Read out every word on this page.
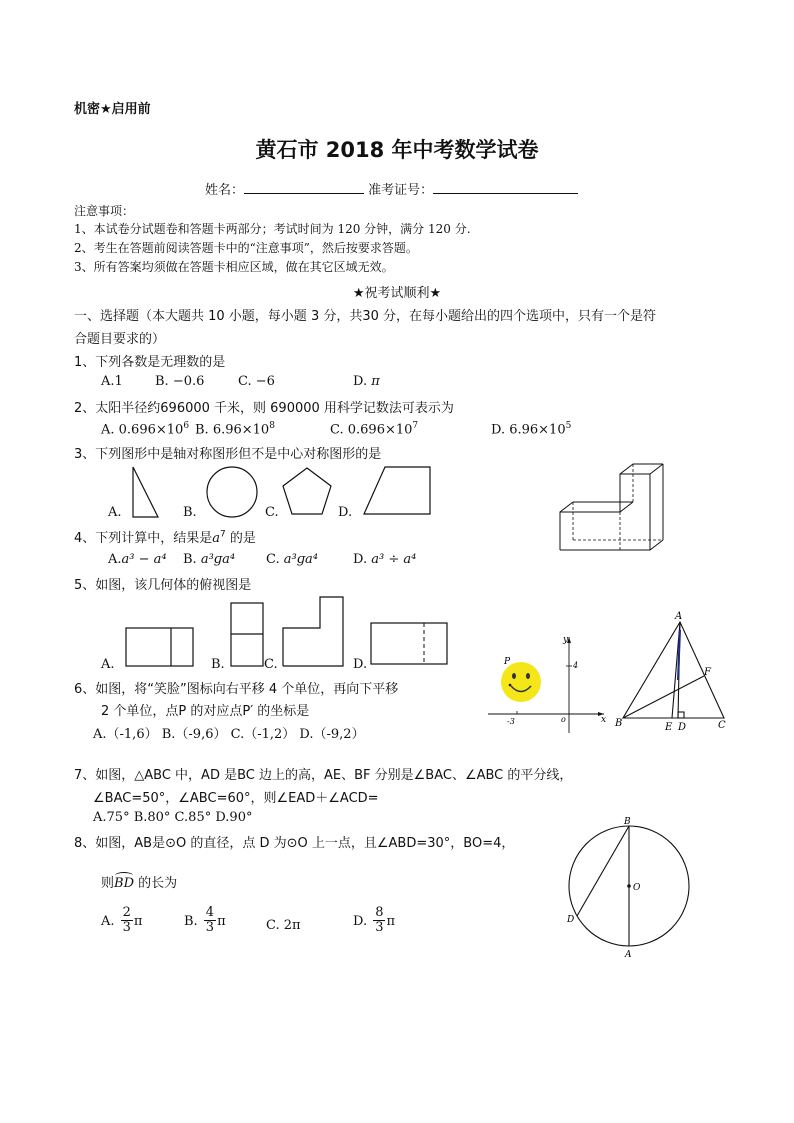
机密★启用前
黄石市 2018 年中考数学试卷
姓名：	准考证号：
注意事项：
1、本试卷分试题卷和答题卡两部分；考试时间为 120 分钟，满分 120 分.
2、考生在答题前阅读答题卡中的“注意事项”，然后按要求答题。
3、所有答案均须做在答题卡相应区域，做在其它区域无效。
★祝考试顺利★
一、选择题（本大题共 10 小题，每小题 3 分，共30 分，在每小题给出的四个选项中，只有一个是符
合题目要求的）
1、下列各数是无理数的是
A.1 B. −0.6	C. −6	D. π
2、太阳半径约696000 千米，则 690000 用科学记数法可表示为
A. $0.696\times 10^6$ B. $6.96\times 10^8$	C. $0.696\times 10^7$	D. $6.96\times 10^5$
3、下列图形中是轴对称图形但不是中心对称图形的是
A.	B.	C.	D.
4、下列计算中，结果是$a^7$ 的是
A.a³ − a⁴ B. a³ɡa⁴ C. a³ɡa⁴	D. a³ ÷ a⁴
5、如图，该几何体的俯视图是
A.	B.	C.	D.
6、如图，将“笑脸”图标向右平移 4 个单位，再向下平移
2 个单位，点P 的对应点P′ 的坐标是
A.（-1,6） B.（-9,6） C.（-1,2） D.（-9,2）
P
y
x
4
-3	o
A
B	C
D
E
F
7、如图，△ABC 中，AD 是BC 边上的高，AE、BF 分别是∠BAC、∠ABC 的平分线，
∠BAC=50°，∠ABC=60°，则∠EAD＋∠ACD=
A.75° B.80° C.85° D.90°
8、如图，AB是⊙O 的直径，点 D 为⊙O 上一点，且∠ABD=30°，BO=4，
则BD 的长为
A. $\frac{2}{3}$ π	B. $\frac{4}{3}$ π	C. 2π	D. $\frac{8}{3}$ π
B
O
D
A
